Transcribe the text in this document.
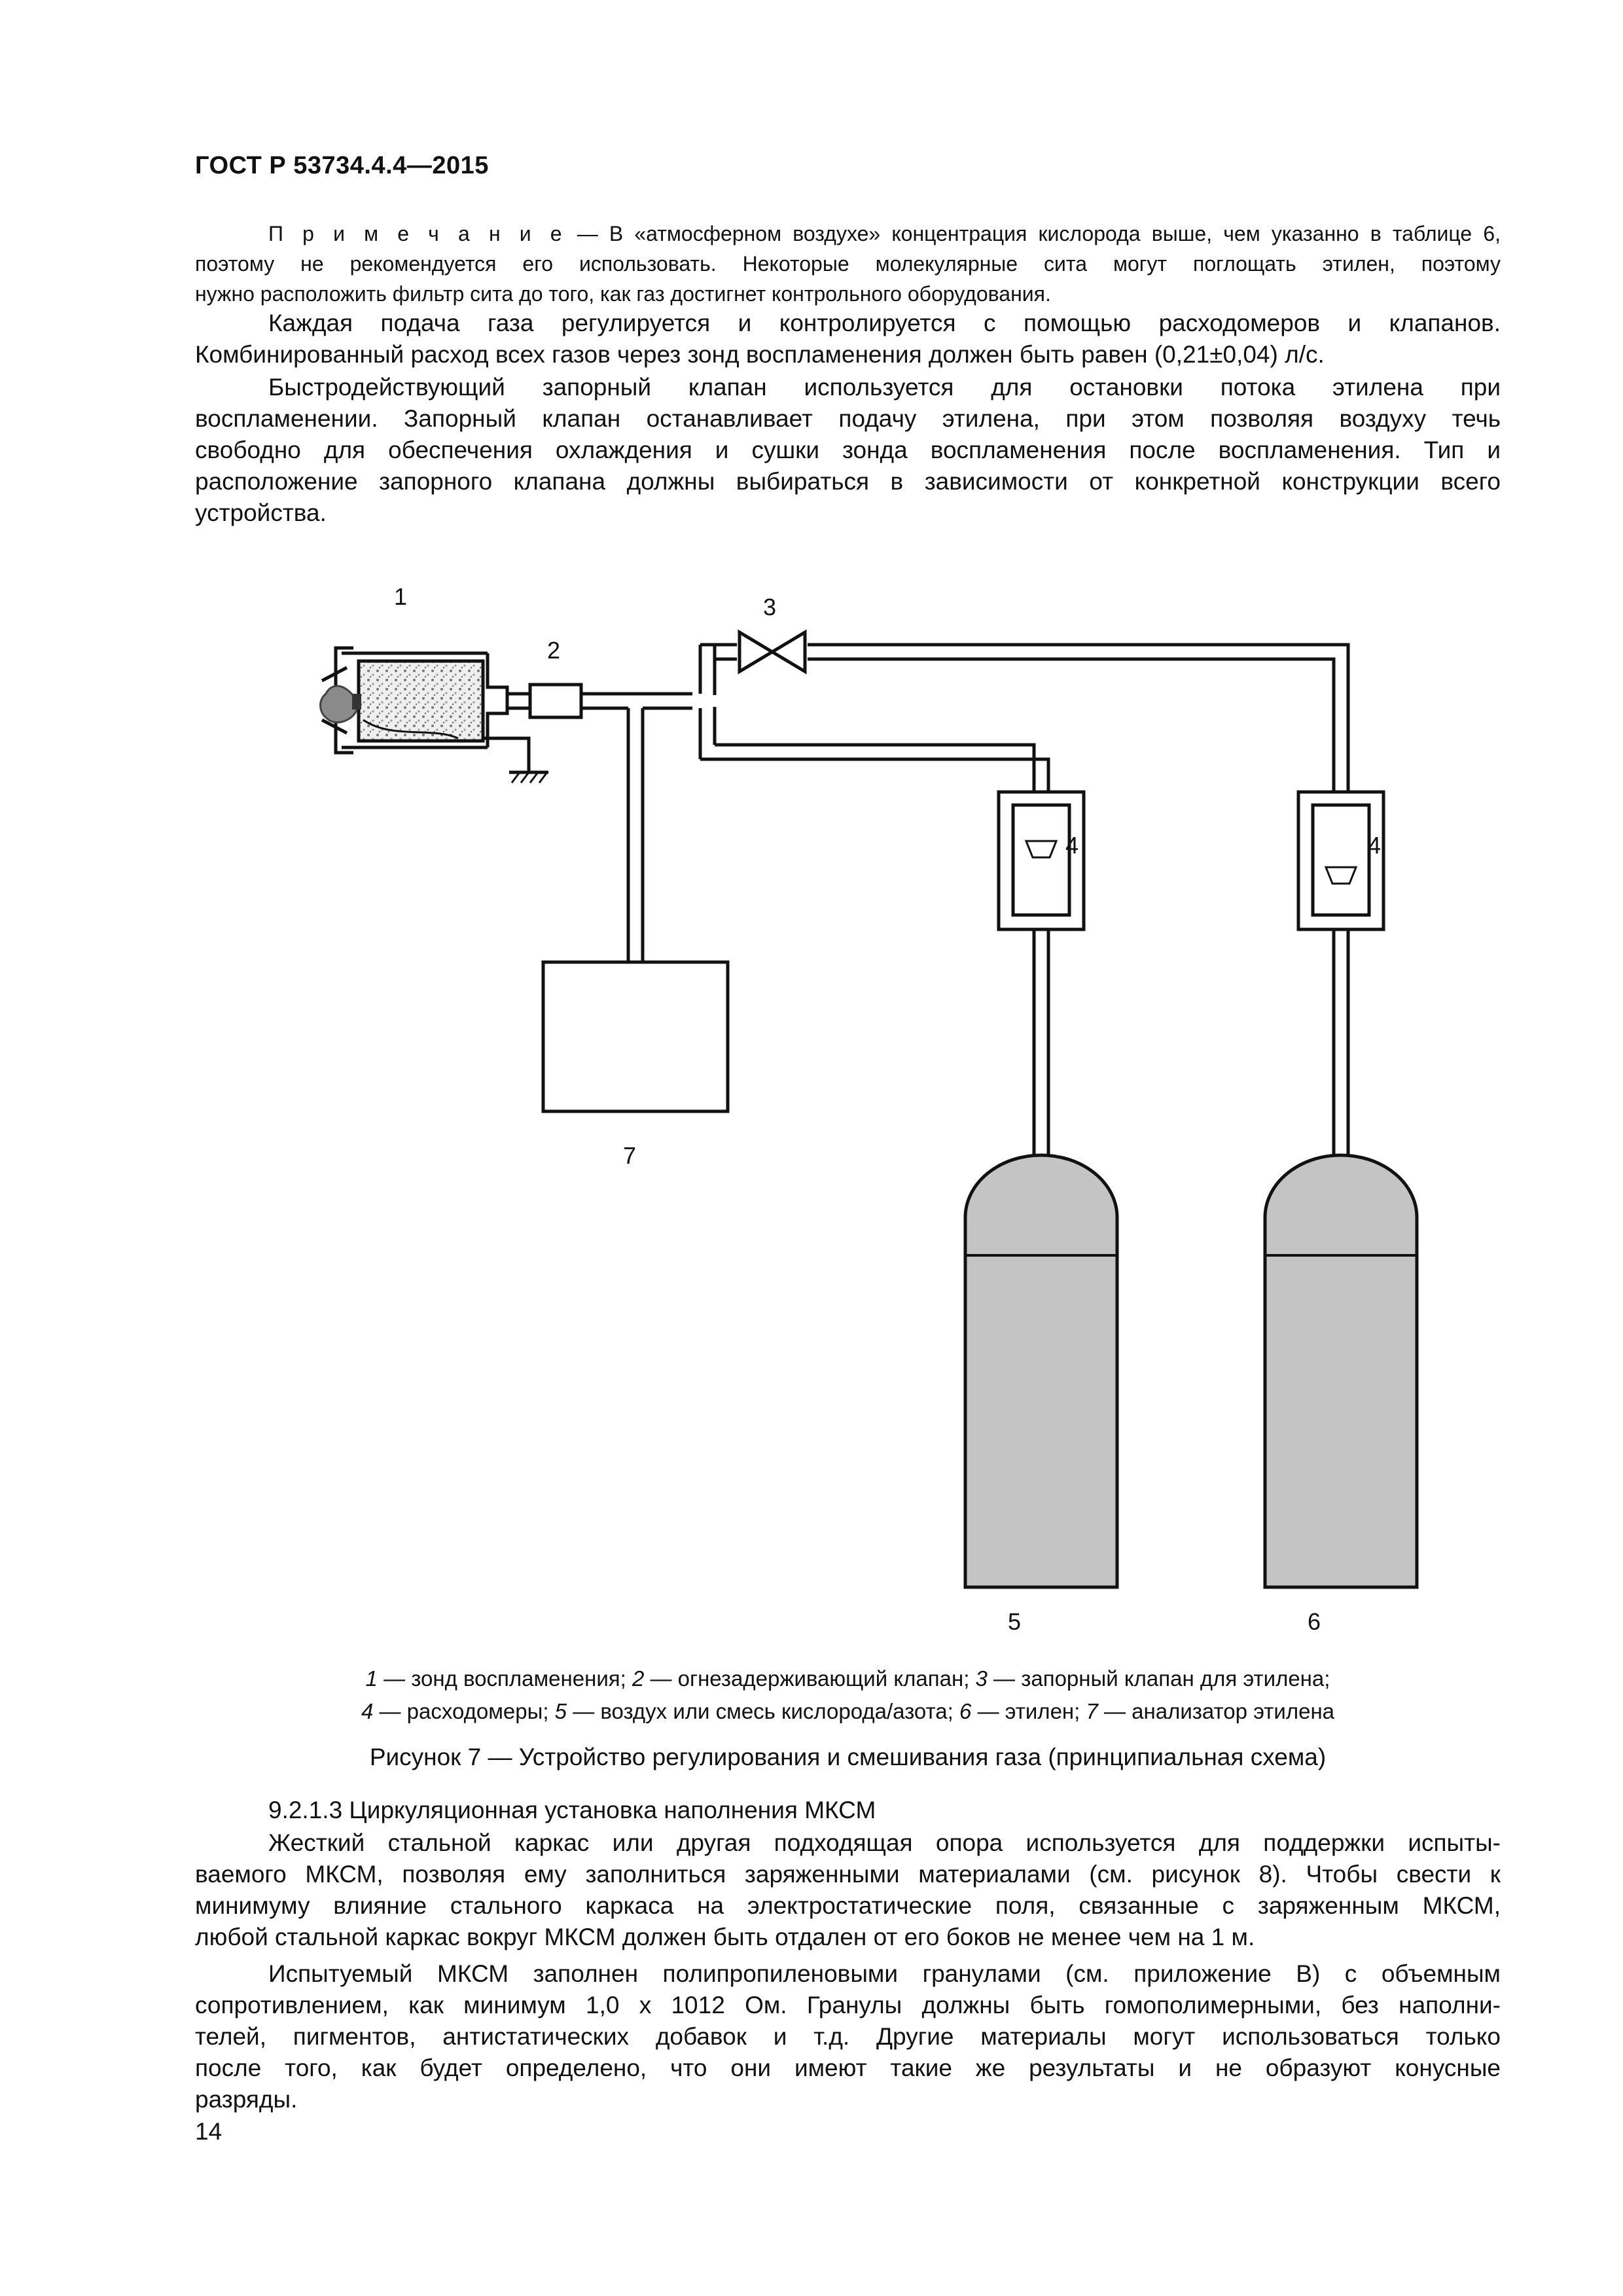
ГОСТ Р 53734.4.4—2015

П р и м е ч а н и е — В «атмосферном воздухе» концентрация кислорода выше, чем указанно в таблице 6,

поэтому не рекомендуется его использовать. Некоторые молекулярные сита могут поглощать этилен, поэтому

нужно расположить фильтр сита до того, как газ достигнет контрольного оборудования.

Каждая подача газа регулируется и контролируется с помощью расходомеров и клапанов.

Комбинированный расход всех газов через зонд воспламенения должен быть равен (0,21±0,04) л/с.

Быстродействующий запорный клапан используется для остановки потока этилена при

воспламенении. Запорный клапан останавливает подачу этилена, при этом позволяя воздуху течь

свободно для обеспечения охлаждения и сушки зонда воспламенения после воспламенения. Тип и

расположение запорного клапана должны выбираться в зависимости от конкретной конструкции всего

устройства.

1
2
3
4	4
5	6
7
1 — зонд воспламенения; 2 — огнезадерживающий клапан; 3 — запорный клапан для этилена;
4 — расходомеры; 5 — воздух или смесь кислорода/азота; 6 — этилен; 7 — анализатор этилена
Рисунок 7 — Устройство регулирования и смешивания газа (принципиальная схема)
9.2.1.3 Циркуляционная установка наполнения МКСМ

Жесткий стальной каркас или другая подходящая опора используется для поддержки испыты-

ваемого МКСМ, позволяя ему заполниться заряженными материалами (см. рисунок 8). Чтобы свести к

минимуму влияние стального каркаса на электростатические поля, связанные с заряженным МКСМ,

любой стальной каркас вокруг МКСМ должен быть отдален от его боков не менее чем на 1 м.

Испытуемый МКСМ заполнен полипропиленовыми гранулами (см. приложение В) с объемным

сопротивлением, как минимум 1,0 х 1012 Ом. Гранулы должны быть гомополимерными, без наполни-

телей, пигментов, антистатических добавок и т.д. Другие материалы могут использоваться только

после того, как будет определено, что они имеют такие же результаты и не образуют конусные

разряды.

14
